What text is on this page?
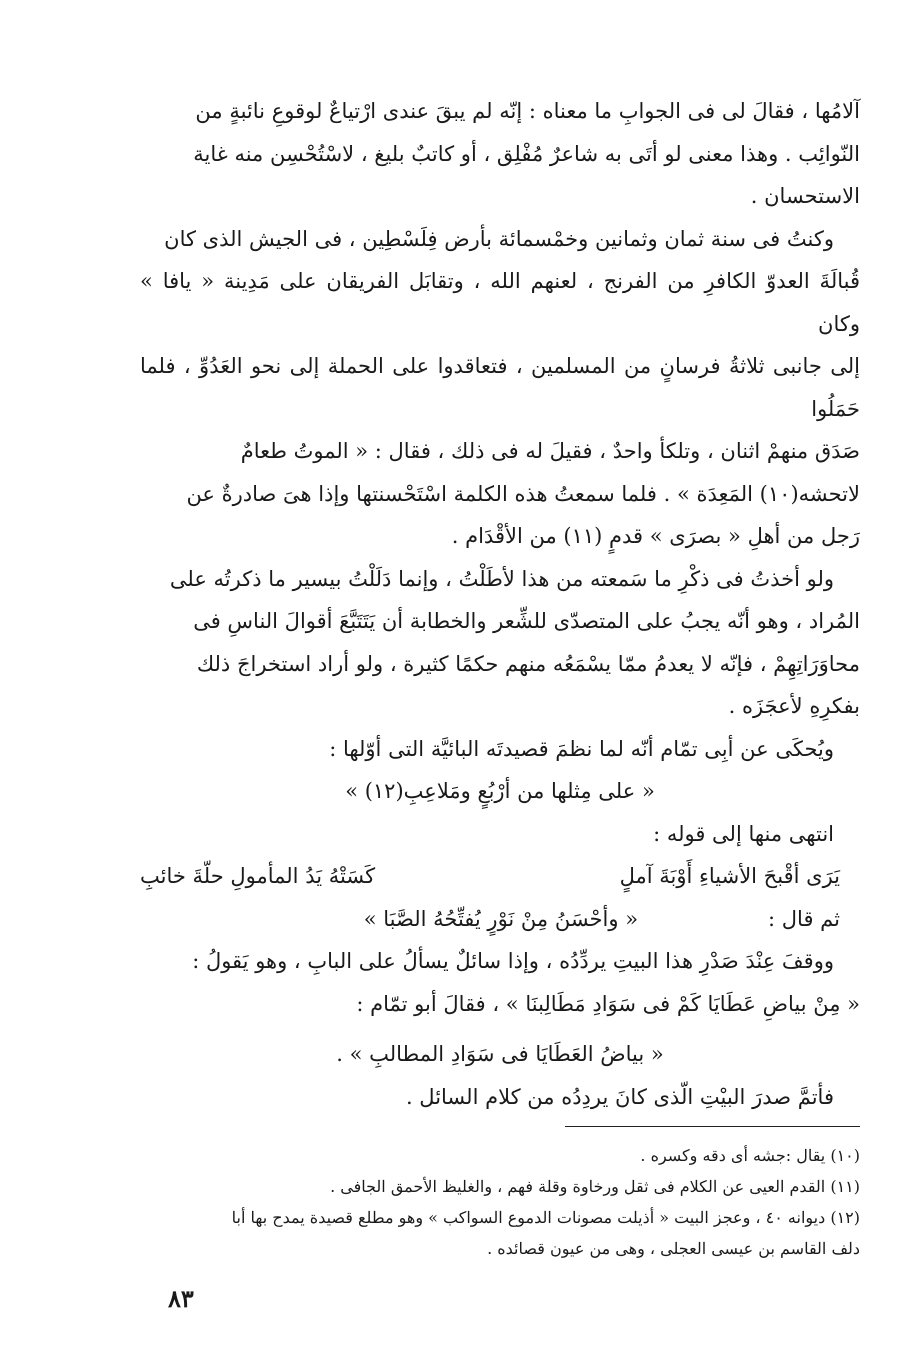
آلامُها ، فقالَ لى فى الجوابِ ما معناه : إنّه لم يبقَ عندى ارْتياعٌ لوقوعِ نائبةٍ من

النّوائِب . وهذا معنى لو أتَى به شاعرٌ مُفْلِق ، أو كاتبٌ بليغ ، لاسْتُحْسِن منه غاية

الاستحسان .

وكنتُ فى سنة ثمان وثمانين وخمْسمائة بأرض فِلَسْطِين ، فى الجيش الذى كان

قُبالَةَ العدوّ الكافرِ من الفرنج ، لعنهم الله ، وتقابَل الفريقان على مَدِينة « يافا » وكان

إلى جانبى ثلاثةُ فرسانٍ من المسلمين ، فتعاقدوا على الحملة إلى نحو العَدُوِّ ، فلما حَمَلُوا

صَدَق منهمْ اثنان ، وتلكأ واحدٌ ، فقيلَ له فى ذلك ، فقال : « الموتُ طعامٌ

لاتحشه(١٠) المَعِدَة » . فلما سمعتُ هذه الكلمة اسْتَحْسنتها وإذا هىَ صادرةٌ عن

رَجل من أهلِ « بصرَى » قدمٍ (١١) من الأقْدَام .

ولو أخذتُ فى ذكْرِ ما سَمعته من هذا لأطَلْتُ ، وإنما دَلَلْتُ بيسير ما ذكرتُه على

المُراد ، وهو أنّه يجبُ على المتصدّى للشِّعر والخطابة أن يَتَتَبَّعَ أقوالَ الناسِ فى

محاوَرَاتِهِمْ ، فإنّه لا يعدمُ ممّا يسْمَعُه منهم حكمًا كثيرة ، ولو أراد استخراجَ ذلك

بفكرِهِ لأعجَزَه .

ويُحكَى عن أبِى تمّام أنّه لما نظمَ قصيدتَه البائيَّة التى أوّلها :

« على مِثلها من أرْبُعٍ ومَلاعِبِ(١٢) »

انتهى منها إلى قوله :

يَرَى أقْبحَ الأشياءِ أَوْبَةَ آملٍ
كَسَتْهُ يَدُ المأمولِ حلّةَ خائبِ
ثم قال :
« وأحْسَنُ مِنْ نَوْرٍ يُفتِّحُهُ الصَّبَا »

ووقفَ عِنْدَ صَدْرِ هذا البيتِ يردِّدُه ، وإذا سائلٌ يسألُ على البابِ ، وهو يَقولُ :

« مِنْ بياضِ عَطَايَا كَمْ فى سَوَادِ مَطَالِبنَا » ، فقالَ أبو تمّام :

« بياضُ العَطَايَا فى سَوَادِ المطالبِ » .

فأتمَّ صدرَ البيْتِ الّذى كانَ يردِدُه من كلام السائل .

(١٠) يقال :جشه أى دقه وكسره .

(١١) القدم العيى عن الكلام فى ثقل ورخاوة وقلة فهم ، والغليظ الأحمق الجافى .

(١٢) ديوانه ٤٠ ، وعجز البيت « أذيلت مصونات الدموع السواكب » وهو مطلع قصيدة يمدح بها أبا

دلف القاسم بن عيسى العجلى ، وهى من عيون قصائده .

٨٣
